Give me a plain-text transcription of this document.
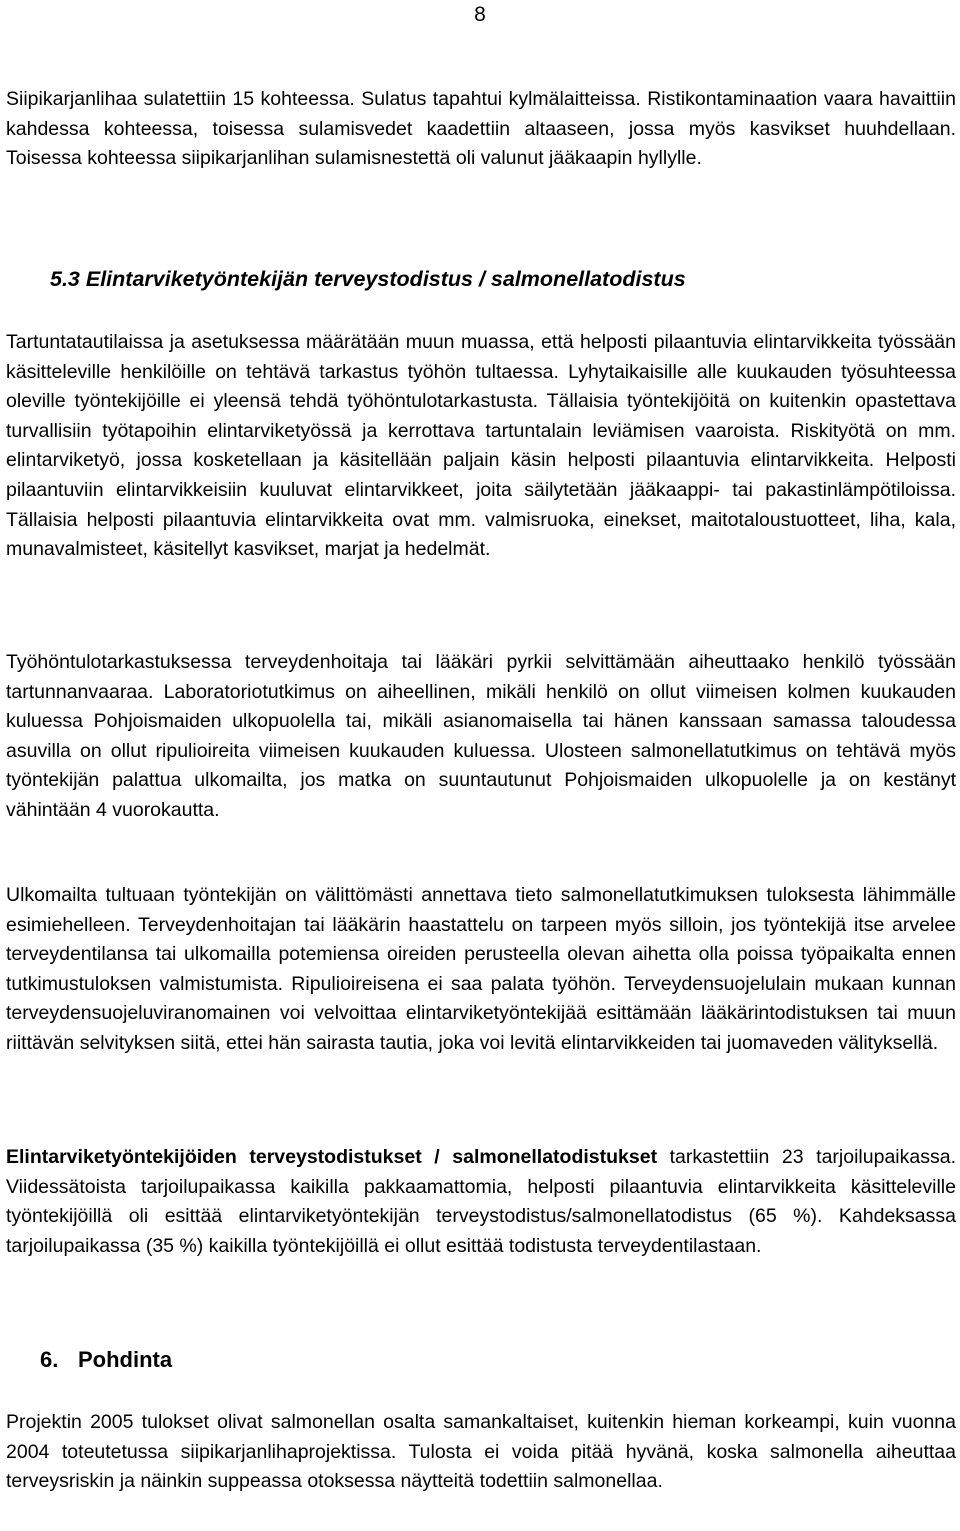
8

Siipikarjanlihaa sulatettiin 15 kohteessa. Sulatus tapahtui kylmälaitteissa. Ristikontaminaation vaara havaittiin kahdessa kohteessa, toisessa sulamisvedet kaadettiin altaaseen, jossa myös kasvikset huuhdellaan. Toisessa kohteessa siipikarjanlihan sulamisnestettä oli valunut jääkaapin hyllylle.

5.3 Elintarviketyöntekijän terveystodistus / salmonellatodistus

Tartuntatautilaissa ja asetuksessa määrätään muun muassa, että helposti pilaantuvia elintarvikkeita työssään käsitteleville henkilöille on tehtävä tarkastus työhön tultaessa. Lyhytaikaisille alle kuukauden työsuhteessa oleville työntekijöille ei yleensä tehdä työhöntulotarkastusta. Tällaisia työntekijöitä on kuitenkin opastettava turvallisiin työtapoihin elintarviketyössä ja kerrottava tartuntalain leviämisen vaaroista. Riskityötä on mm. elintarviketyö, jossa kosketellaan ja käsitellään paljain käsin helposti pilaantuvia elintarvikkeita. Helposti pilaantuviin elintarvikkeisiin kuuluvat elintarvikkeet, joita säilytetään jääkaappi- tai pakastinlämpötiloissa. Tällaisia helposti pilaantuvia elintarvikkeita ovat mm. valmisruoka, einekset, maitotaloustuotteet, liha, kala, munavalmisteet, käsitellyt kasvikset, marjat ja hedelmät.

Työhöntulotarkastuksessa terveydenhoitaja tai lääkäri pyrkii selvittämään aiheuttaako henkilö työssään tartunnanvaaraa. Laboratoriotutkimus on aiheellinen, mikäli henkilö on ollut viimeisen kolmen kuukauden kuluessa Pohjoismaiden ulkopuolella tai, mikäli asianomaisella tai hänen kanssaan samassa taloudessa asuvilla on ollut ripulioireita viimeisen kuukauden kuluessa. Ulosteen salmonellatutkimus on tehtävä myös työntekijän palattua ulkomailta, jos matka on suuntautunut Pohjoismaiden ulkopuolelle ja on kestänyt vähintään 4 vuorokautta.

Ulkomailta tultuaan työntekijän on välittömästi annettava tieto salmonellatutkimuksen tuloksesta lähimmälle esimiehelleen. Terveydenhoitajan tai lääkärin haastattelu on tarpeen myös silloin, jos työntekijä itse arvelee terveydentilansa tai ulkomailla potemiensa oireiden perusteella olevan aihetta olla poissa työpaikalta ennen tutkimustuloksen valmistumista. Ripulioireisena ei saa palata työhön. Terveydensuojelulain mukaan kunnan terveydensuojeluviranomainen voi velvoittaa elintarviketyöntekijää esittämään lääkärintodistuksen tai muun riittävän selvityksen siitä, ettei hän sairasta tautia, joka voi levitä elintarvikkeiden tai juomaveden välityksellä.

Elintarviketyöntekijöiden terveystodistukset / salmonellatodistukset tarkastettiin 23 tarjoilupaikassa. Viidessätoista tarjoilupaikassa kaikilla pakkaamattomia, helposti pilaantuvia elintarvikkeita käsitteleville työntekijöillä oli esittää elintarviketyöntekijän terveystodistus/salmonellatodistus (65 %). Kahdeksassa tarjoilupaikassa (35 %) kaikilla työntekijöillä ei ollut esittää todistusta terveydentilastaan.

6. Pohdinta

Projektin 2005 tulokset olivat salmonellan osalta samankaltaiset, kuitenkin hieman korkeampi, kuin vuonna 2004 toteutetussa siipikarjanlihaprojektissa. Tulosta ei voida pitää hyvänä, koska salmonella aiheuttaa terveysriskin ja näinkin suppeassa otoksessa näytteitä todettiin salmonellaa.
